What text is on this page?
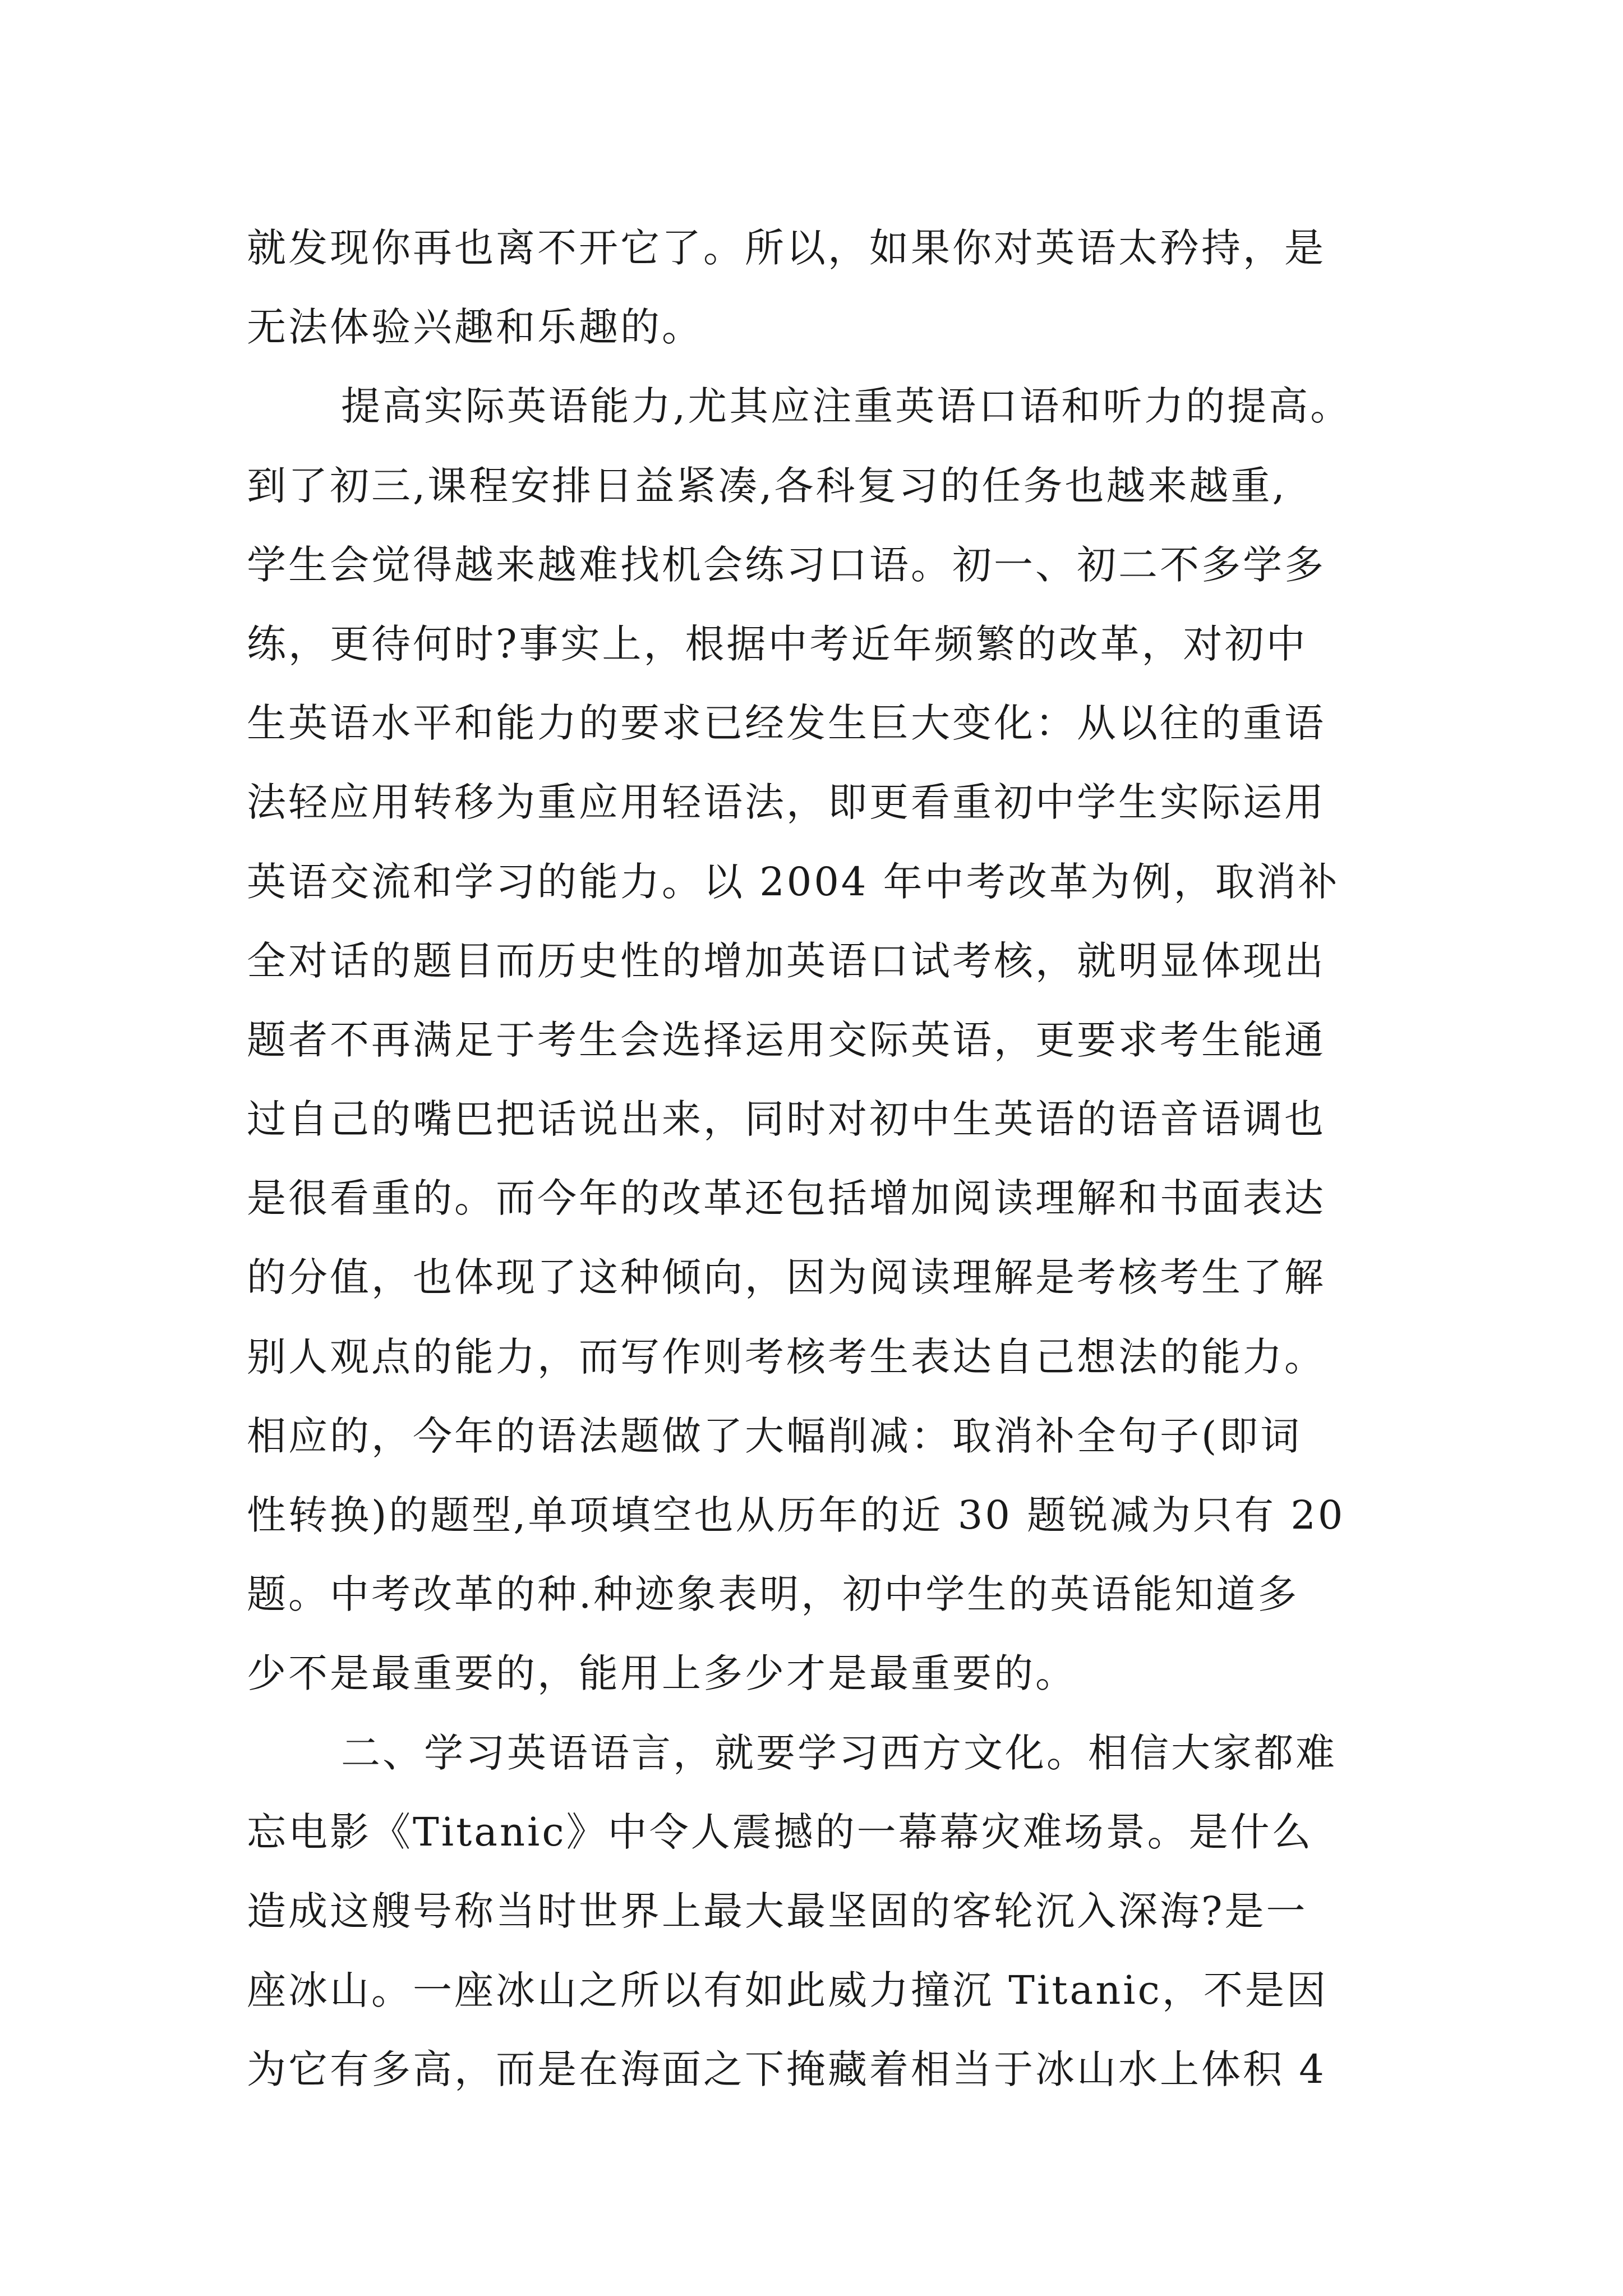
就发现你再也离不开它了。所以，如果你对英语太矜持，是
无法体验兴趣和乐趣的。
提高实际英语能力,尤其应注重英语口语和听力的提高。
到了初三,课程安排日益紧凑,各科复习的任务也越来越重,
学生会觉得越来越难找机会练习口语。初一、初二不多学多
练，更待何时?事实上，根据中考近年频繁的改革，对初中
生英语水平和能力的要求已经发生巨大变化：从以往的重语
法轻应用转移为重应用轻语法，即更看重初中学生实际运用
英语交流和学习的能力。以 2004 年中考改革为例，取消补
全对话的题目而历史性的增加英语口试考核，就明显体现出
题者不再满足于考生会选择运用交际英语，更要求考生能通
过自己的嘴巴把话说出来，同时对初中生英语的语音语调也
是很看重的。而今年的改革还包括增加阅读理解和书面表达
的分值，也体现了这种倾向，因为阅读理解是考核考生了解
别人观点的能力，而写作则考核考生表达自己想法的能力。
相应的，今年的语法题做了大幅削减：取消补全句子(即词
性转换)的题型,单项填空也从历年的近 30 题锐减为只有 20
题。中考改革的种.种迹象表明，初中学生的英语能知道多
少不是最重要的，能用上多少才是最重要的。
二、学习英语语言，就要学习西方文化。相信大家都难
忘电影《Titanic》中令人震撼的一幕幕灾难场景。是什么
造成这艘号称当时世界上最大最坚固的客轮沉入深海?是一
座冰山。一座冰山之所以有如此威力撞沉 Titanic，不是因
为它有多高，而是在海面之下掩藏着相当于冰山水上体积 4
